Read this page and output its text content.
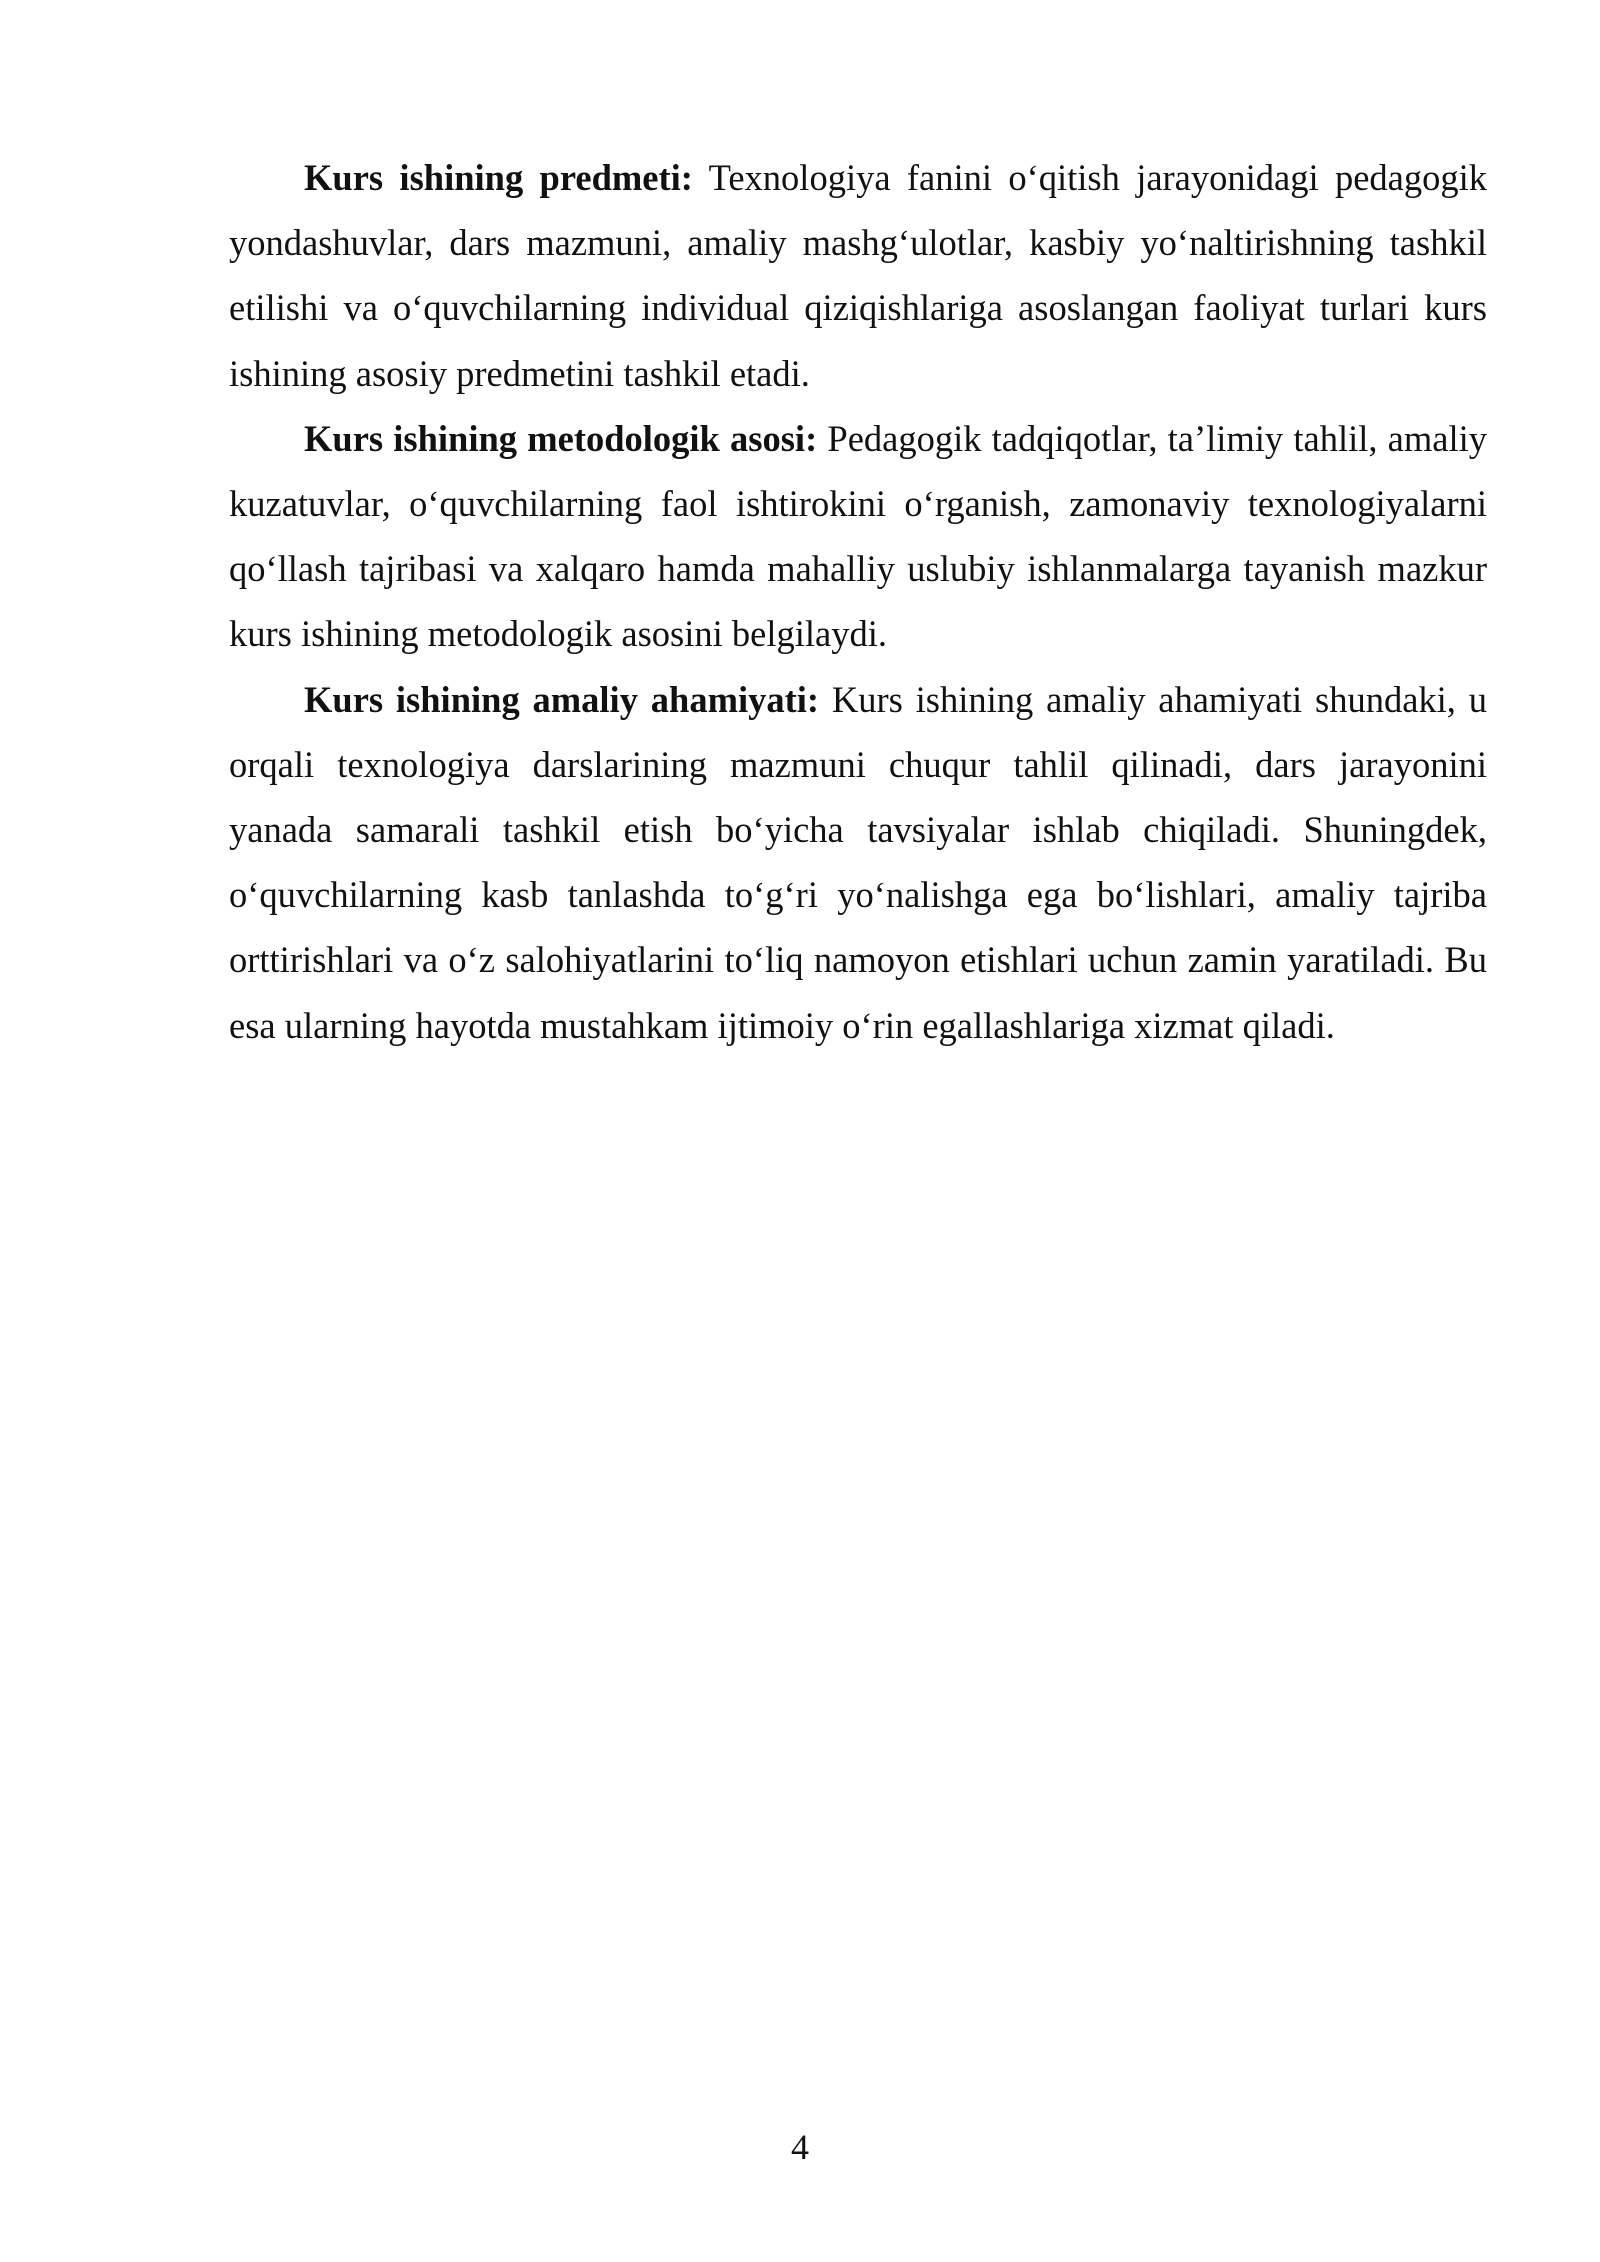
Kurs ishining predmeti: Texnologiya fanini o‘qitish jarayonidagi pedagogik yondashuvlar, dars mazmuni, amaliy mashg‘ulotlar, kasbiy yo‘naltirishning tashkil etilishi va o‘quvchilarning individual qiziqishlariga asoslangan faoliyat turlari kurs ishining asosiy predmetini tashkil etadi.

Kurs ishining metodologik asosi: Pedagogik tadqiqotlar, ta’limiy tahlil, amaliy kuzatuvlar, o‘quvchilarning faol ishtirokini o‘rganish, zamonaviy texnologiyalarni qo‘llash tajribasi va xalqaro hamda mahalliy uslubiy ishlanmalarga tayanish mazkur kurs ishining metodologik asosini belgilaydi.

Kurs ishining amaliy ahamiyati: Kurs ishining amaliy ahamiyati shundaki, u orqali texnologiya darslarining mazmuni chuqur tahlil qilinadi, dars jarayonini yanada samarali tashkil etish bo‘yicha tavsiyalar ishlab chiqiladi. Shuningdek, o‘quvchilarning kasb tanlashda to‘g‘ri yo‘nalishga ega bo‘lishlari, amaliy tajriba orttirishlari va o‘z salohiyatlarini to‘liq namoyon etishlari uchun zamin yaratiladi. Bu esa ularning hayotda mustahkam ijtimoiy o‘rin egallashlariga xizmat qiladi.

4
